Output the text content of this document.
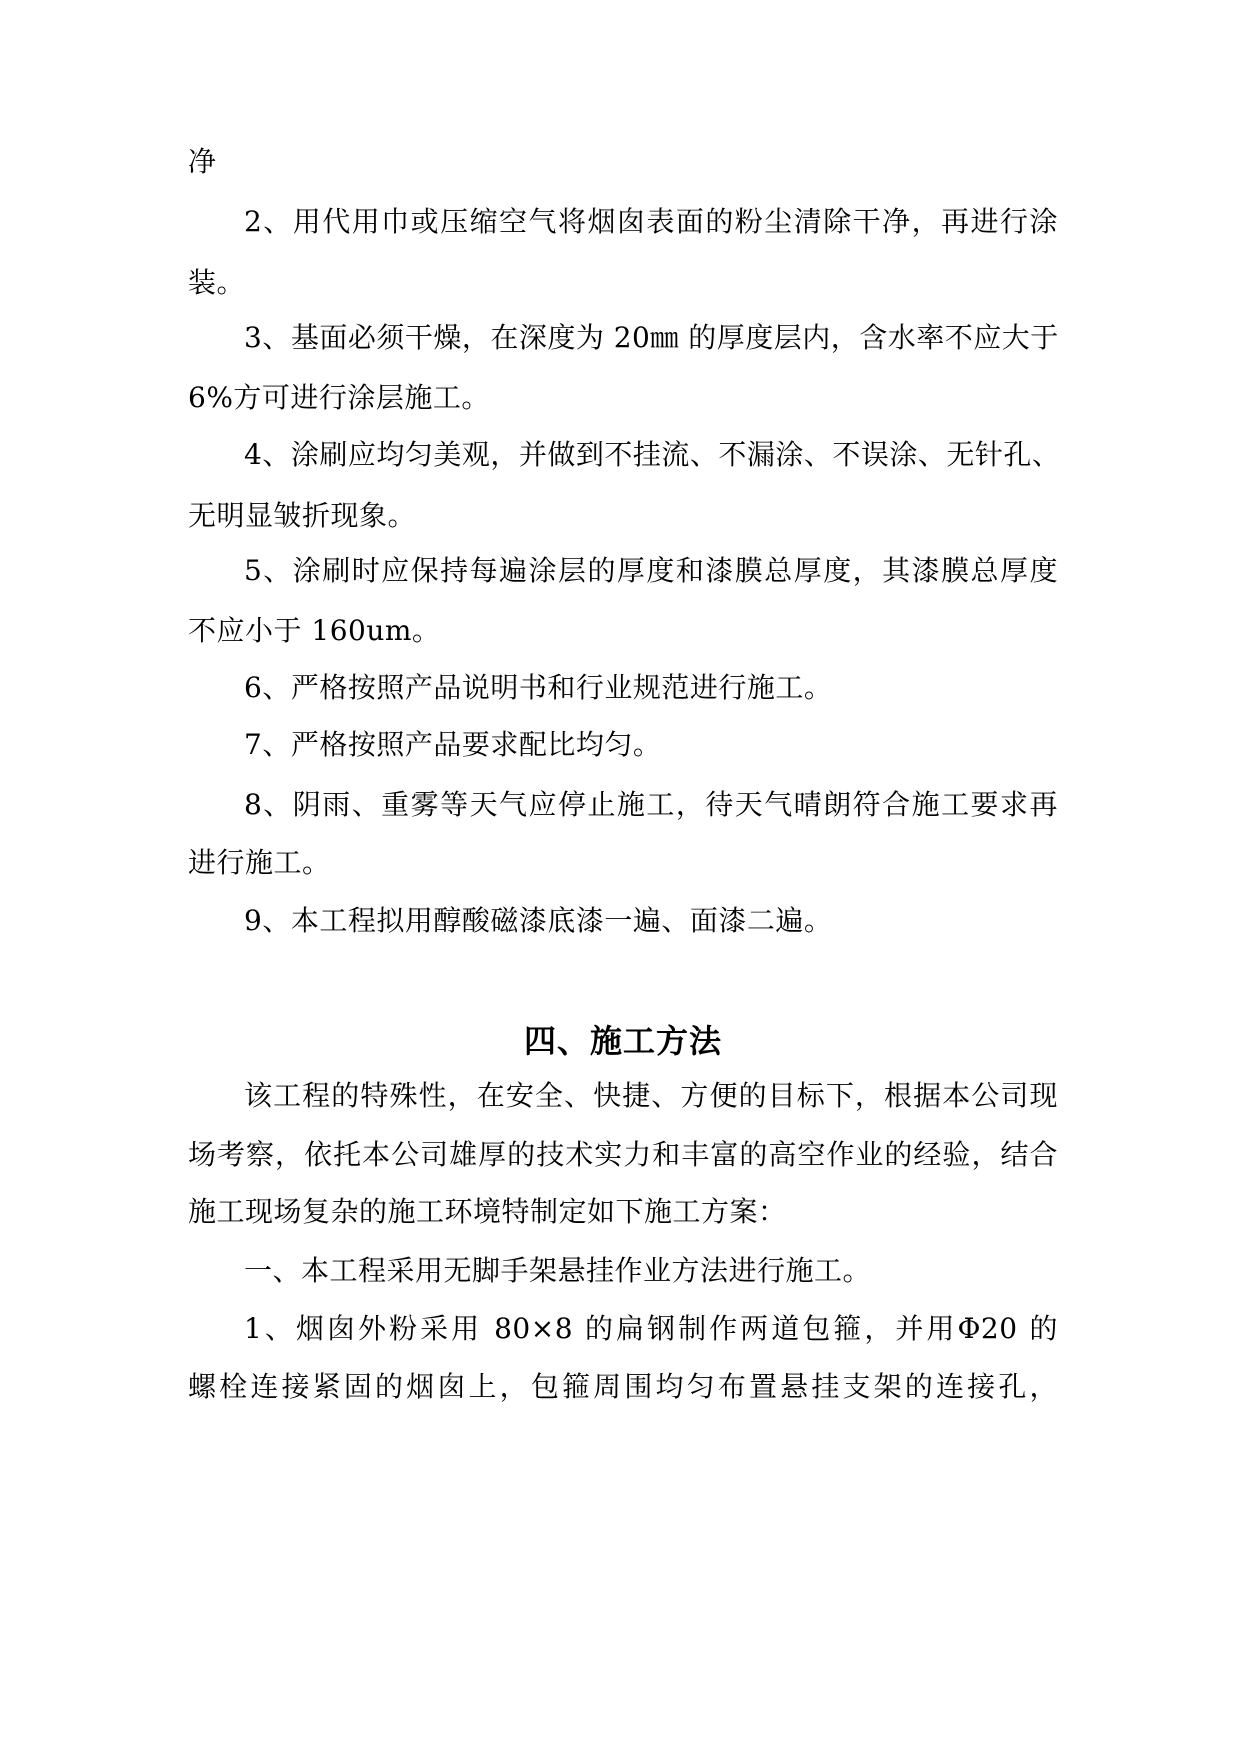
净
2、用代用巾或压缩空气将烟囱表面的粉尘清除干净，再进行涂
装。
3、基面必须干燥，在深度为 20㎜ 的厚度层内，含水率不应大于
6%方可进行涂层施工。
4、涂刷应均匀美观，并做到不挂流、不漏涂、不误涂、无针孔、
无明显皱折现象。
5、涂刷时应保持每遍涂层的厚度和漆膜总厚度，其漆膜总厚度
不应小于 160um。
6、严格按照产品说明书和行业规范进行施工。
7、严格按照产品要求配比均匀。
8、阴雨、重雾等天气应停止施工，待天气晴朗符合施工要求再
进行施工。
9、本工程拟用醇酸磁漆底漆一遍、面漆二遍。
四、施工方法
该工程的特殊性，在安全、快捷、方便的目标下，根据本公司现
场考察，依托本公司雄厚的技术实力和丰富的高空作业的经验，结合
施工现场复杂的施工环境特制定如下施工方案：
一、本工程采用无脚手架悬挂作业方法进行施工。
1、烟囱外粉采用 80×8 的扁钢制作两道包箍，并用Φ20 的
螺栓连接紧固的烟囱上，包箍周围均匀布置悬挂支架的连接孔，
